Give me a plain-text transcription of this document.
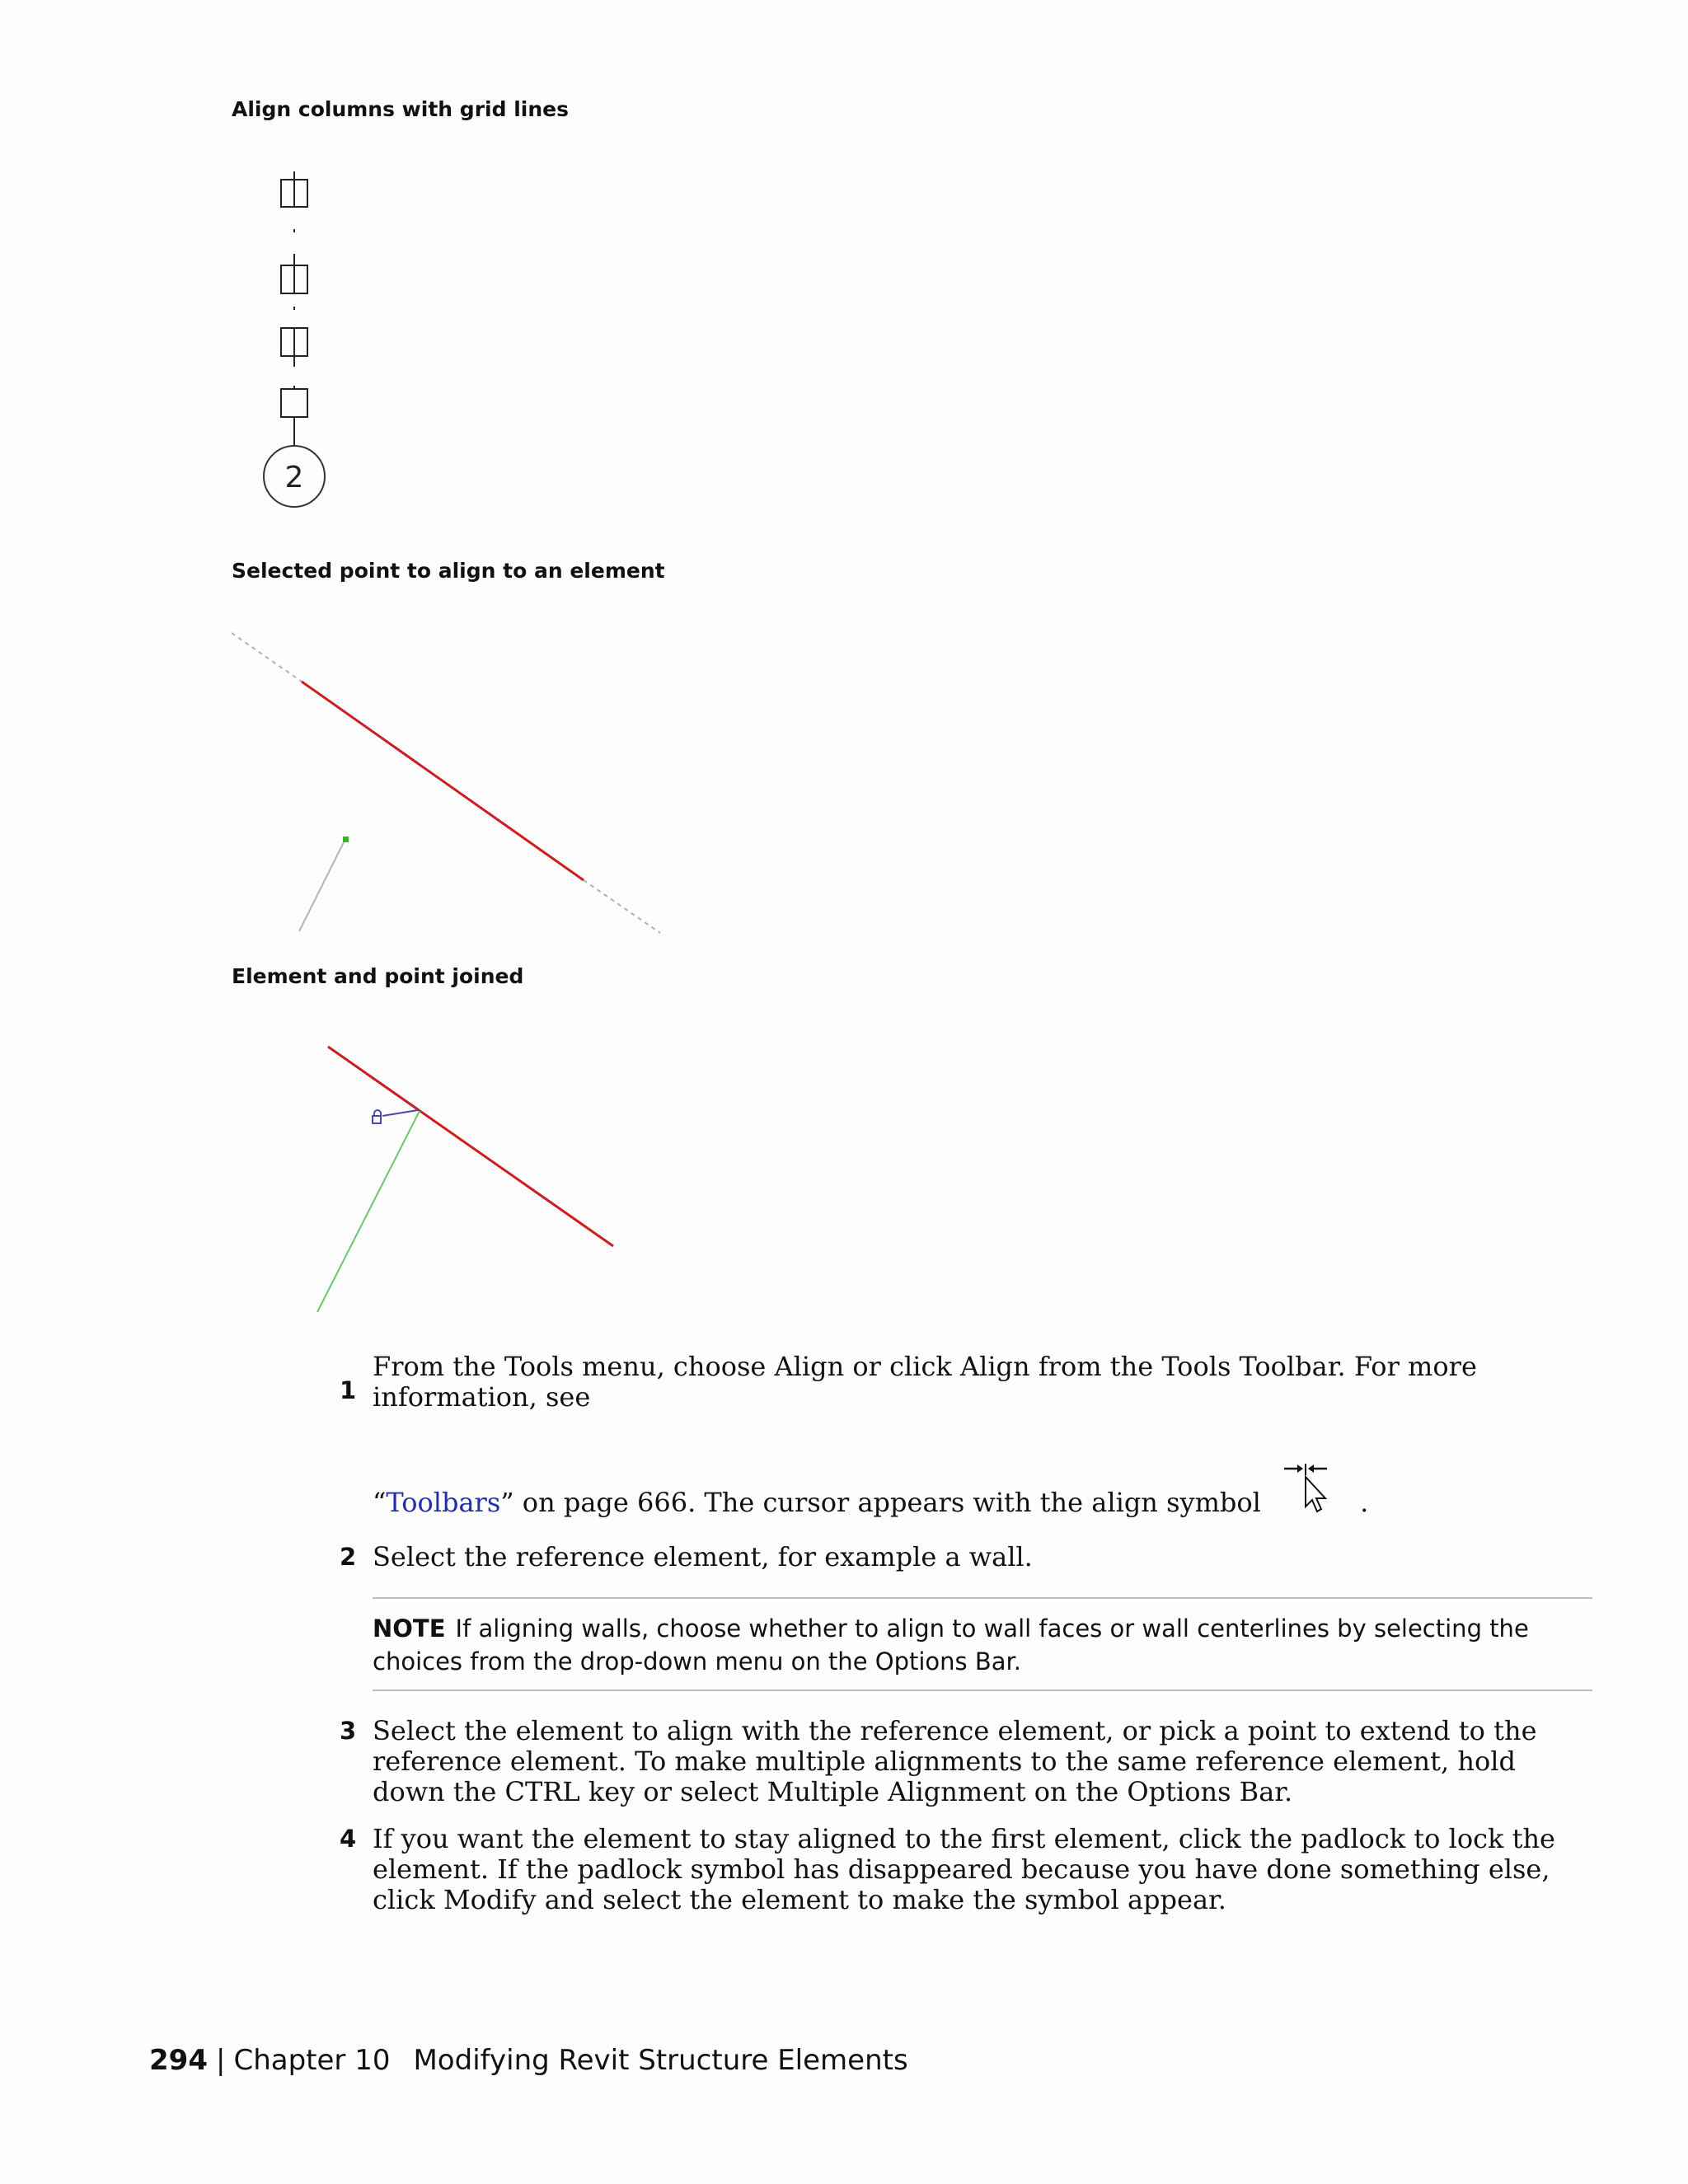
Align columns with grid lines

2

Selected point to align to an element

Element and point joined

1
From the Tools menu, choose Align or click Align from the Tools Toolbar. For more information, see
“Toolbars” on page 666. The cursor appears with the align symbol	.
2 Select the reference element, for example a wall.
NOTE If aligning walls, choose whether to align to wall faces or wall centerlines by selecting the choices from the drop-down menu on the Options Bar.
3 Select the element to align with the reference element, or pick a point to extend to the reference element. To make multiple alignments to the same reference element, hold down the CTRL key or select Multiple Alignment on the Options Bar.
4 If you want the element to stay aligned to the first element, click the padlock to lock the element. If the padlock symbol has disappeared because you have done something else, click Modify and select the element to make the symbol appear.
294 | Chapter 10 Modifying Revit Structure Elements
